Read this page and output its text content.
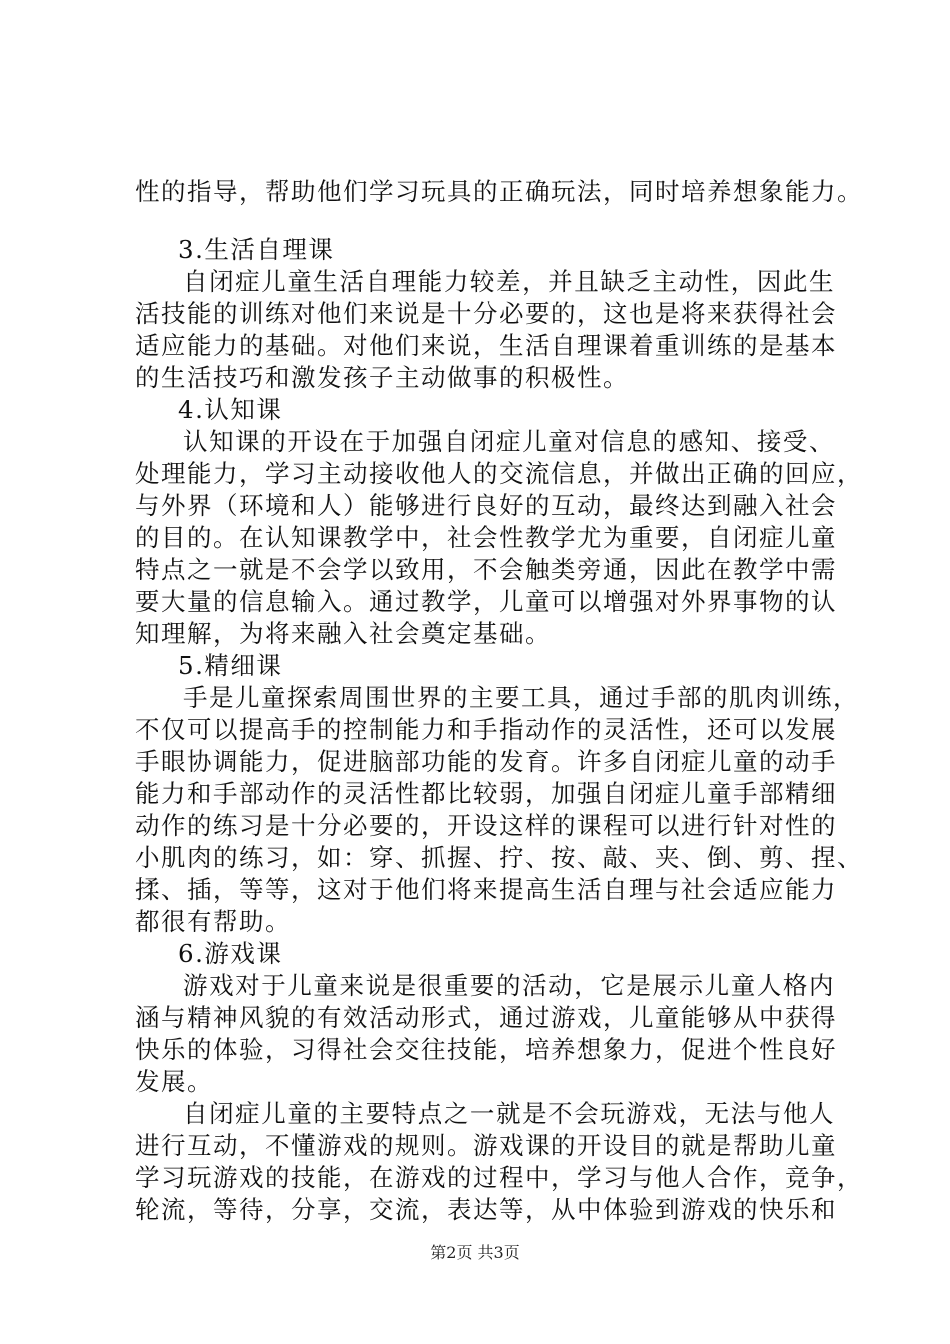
性的指导，帮助他们学习玩具的正确玩法，同时培养想象能力。
3.生活自理课
自闭症儿童生活自理能力较差，并且缺乏主动性，因此生
活技能的训练对他们来说是十分必要的，这也是将来获得社会
适应能力的基础。对他们来说，生活自理课着重训练的是基本
的生活技巧和激发孩子主动做事的积极性。
4.认知课
认知课的开设在于加强自闭症儿童对信息的感知、接受、
处理能力，学习主动接收他人的交流信息，并做出正确的回应，
与外界（环境和人）能够进行良好的互动，最终达到融入社会
的目的。在认知课教学中，社会性教学尤为重要，自闭症儿童
特点之一就是不会学以致用，不会触类旁通，因此在教学中需
要大量的信息输入。通过教学，儿童可以增强对外界事物的认
知理解，为将来融入社会奠定基础。
5.精细课
手是儿童探索周围世界的主要工具，通过手部的肌肉训练，
不仅可以提高手的控制能力和手指动作的灵活性，还可以发展
手眼协调能力，促进脑部功能的发育。许多自闭症儿童的动手
能力和手部动作的灵活性都比较弱，加强自闭症儿童手部精细
动作的练习是十分必要的，开设这样的课程可以进行针对性的
小肌肉的练习，如：穿、抓握、拧、按、敲、夹、倒、剪、捏、
揉、插，等等，这对于他们将来提高生活自理与社会适应能力
都很有帮助。
6.游戏课
游戏对于儿童来说是很重要的活动，它是展示儿童人格内
涵与精神风貌的有效活动形式，通过游戏，儿童能够从中获得
快乐的体验，习得社会交往技能，培养想象力，促进个性良好
发展。
自闭症儿童的主要特点之一就是不会玩游戏，无法与他人
进行互动，不懂游戏的规则。游戏课的开设目的就是帮助儿童
学习玩游戏的技能，在游戏的过程中，学习与他人合作，竞争，
轮流，等待，分享，交流，表达等，从中体验到游戏的快乐和
第2页 共3页
